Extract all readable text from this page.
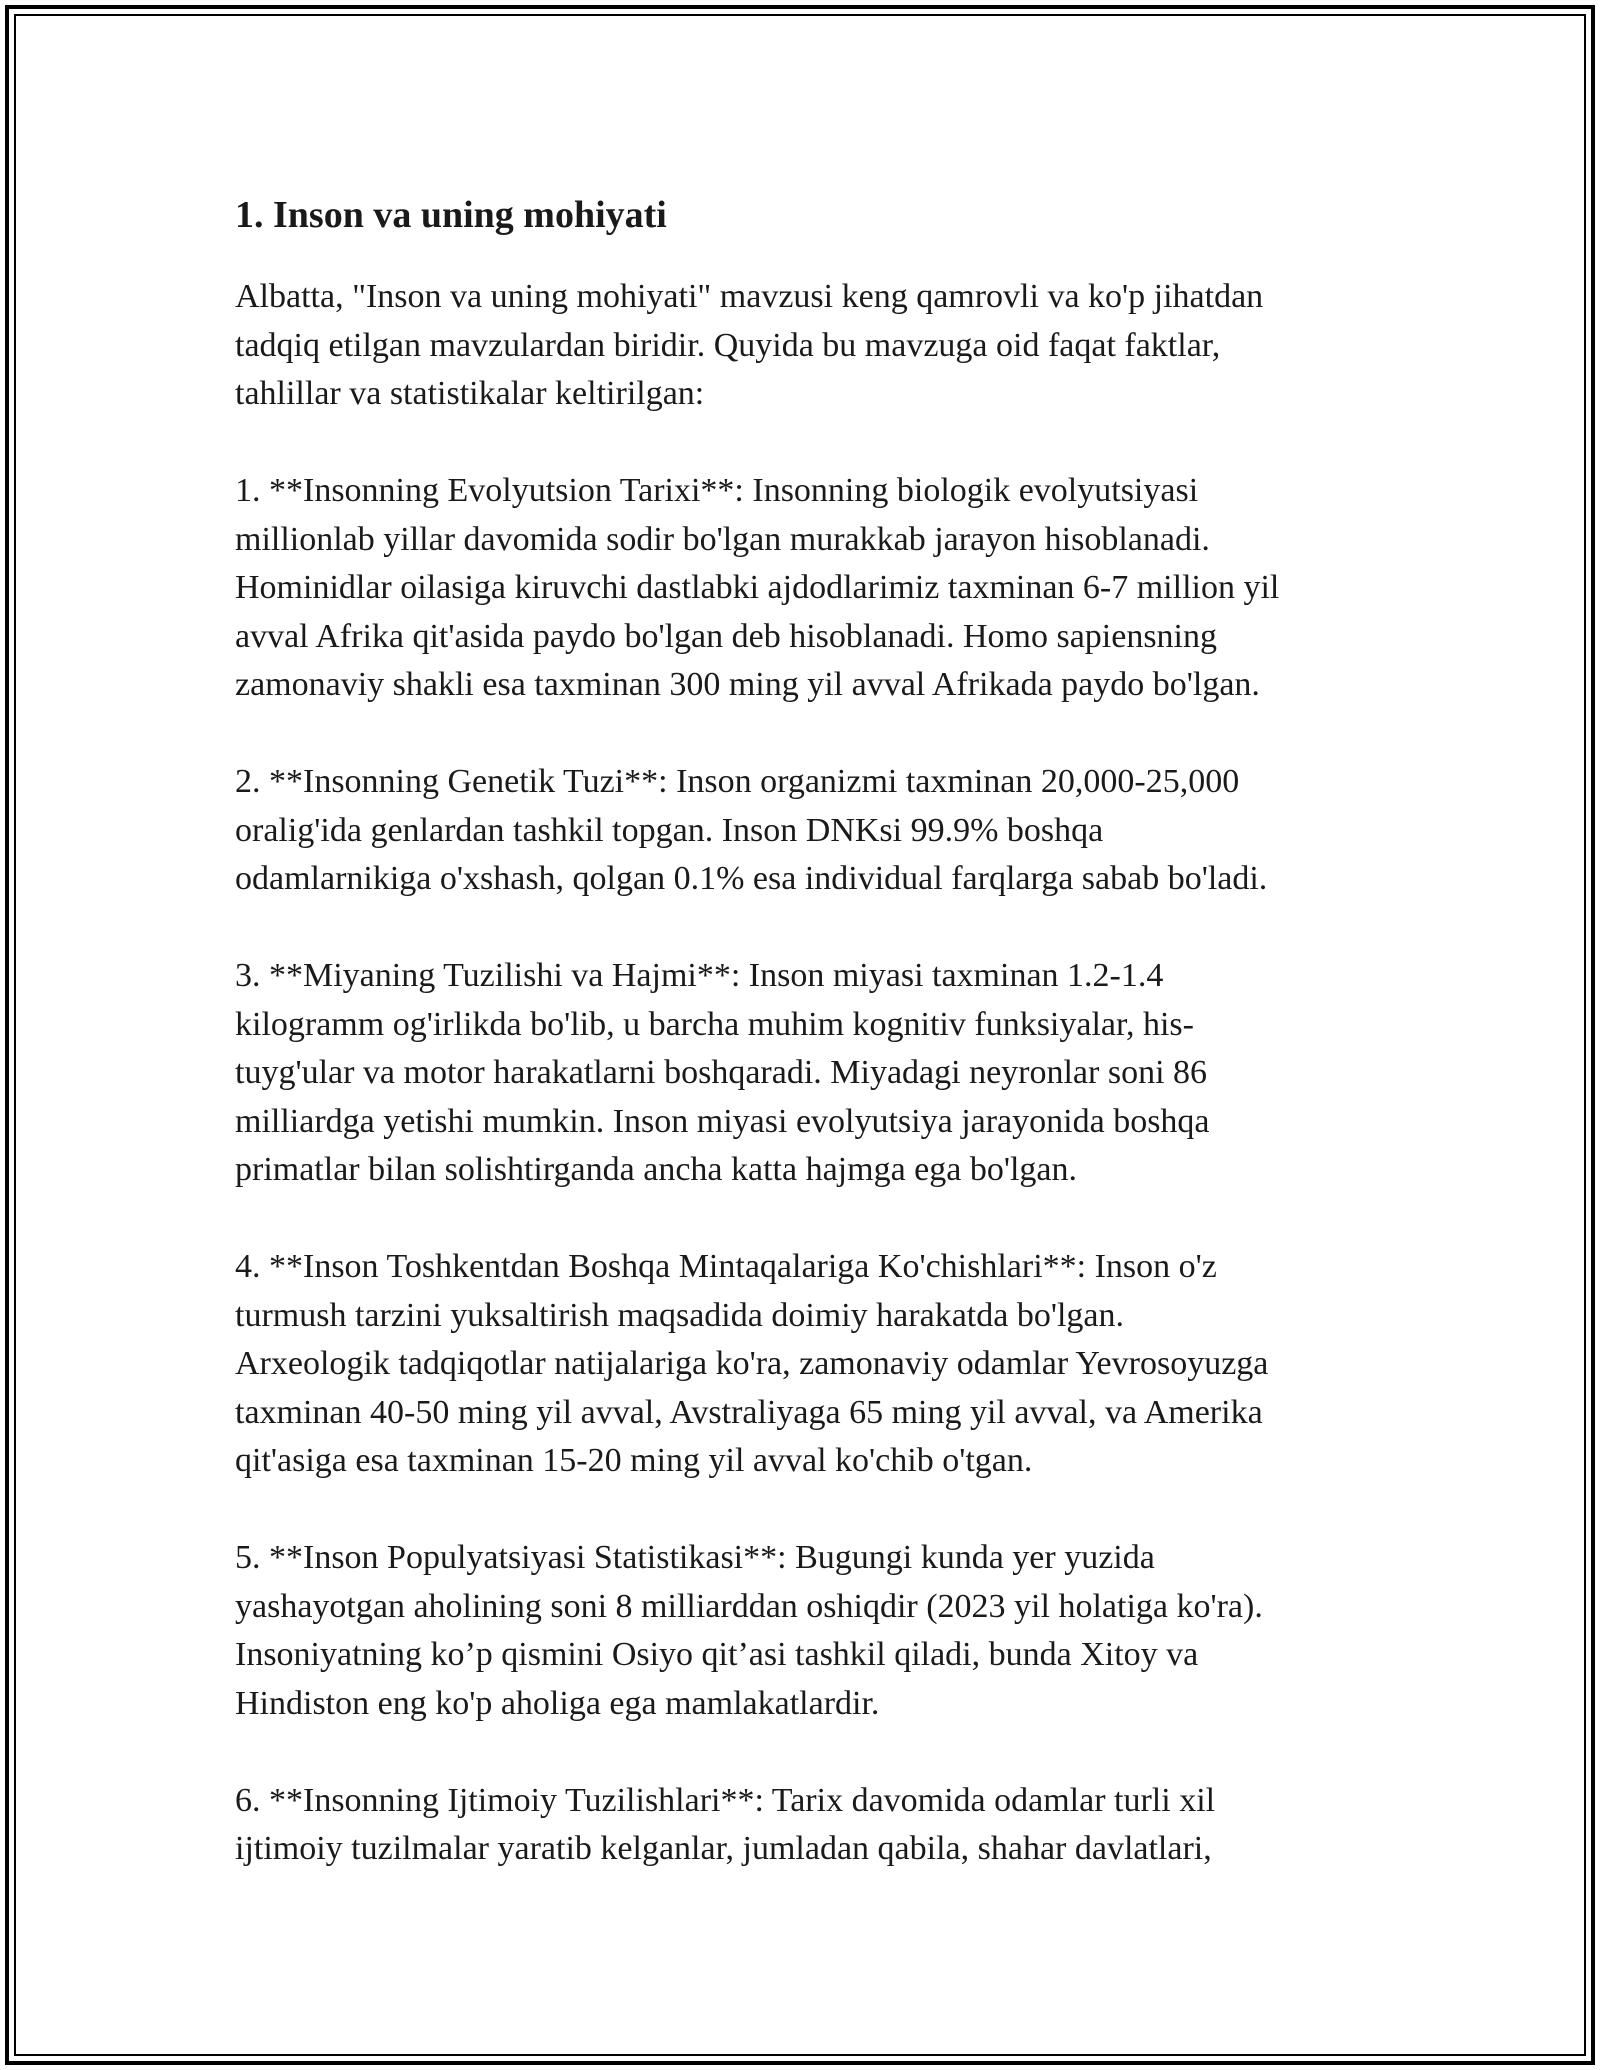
1. Inson va uning mohiyati

Albatta, "Inson va uning mohiyati" mavzusi keng qamrovli va ko'p jihatdan
tadqiq etilgan mavzulardan biridir. Quyida bu mavzuga oid faqat faktlar,
tahlillar va statistikalar keltirilgan:

1. **Insonning Evolyutsion Tarixi**: Insonning biologik evolyutsiyasi
millionlab yillar davomida sodir bo'lgan murakkab jarayon hisoblanadi.
Hominidlar oilasiga kiruvchi dastlabki ajdodlarimiz taxminan 6-7 million yil
avval Afrika qit'asida paydo bo'lgan deb hisoblanadi. Homo sapiensning
zamonaviy shakli esa taxminan 300 ming yil avval Afrikada paydo bo'lgan.

2. **Insonning Genetik Tuzi**: Inson organizmi taxminan 20,000-25,000
oralig'ida genlardan tashkil topgan. Inson DNKsi 99.9% boshqa
odamlarnikiga o'xshash, qolgan 0.1% esa individual farqlarga sabab bo'ladi.

3. **Miyaning Tuzilishi va Hajmi**: Inson miyasi taxminan 1.2-1.4
kilogramm og'irlikda bo'lib, u barcha muhim kognitiv funksiyalar, his-
tuyg'ular va motor harakatlarni boshqaradi. Miyadagi neyronlar soni 86
milliardga yetishi mumkin. Inson miyasi evolyutsiya jarayonida boshqa
primatlar bilan solishtirganda ancha katta hajmga ega bo'lgan.

4. **Inson Toshkentdan Boshqa Mintaqalariga Ko'chishlari**: Inson o'z
turmush tarzini yuksaltirish maqsadida doimiy harakatda bo'lgan.
Arxeologik tadqiqotlar natijalariga ko'ra, zamonaviy odamlar Yevrosoyuzga
taxminan 40-50 ming yil avval, Avstraliyaga 65 ming yil avval, va Amerika
qit'asiga esa taxminan 15-20 ming yil avval ko'chib o'tgan.

5. **Inson Populyatsiyasi Statistikasi**: Bugungi kunda yer yuzida
yashayotgan aholining soni 8 milliarddan oshiqdir (2023 yil holatiga ko'ra).
Insoniyatning ko’p qismini Osiyo qit’asi tashkil qiladi, bunda Xitoy va
Hindiston eng ko'p aholiga ega mamlakatlardir.

6. **Insonning Ijtimoiy Tuzilishlari**: Tarix davomida odamlar turli xil
ijtimoiy tuzilmalar yaratib kelganlar, jumladan qabila, shahar davlatlari,
